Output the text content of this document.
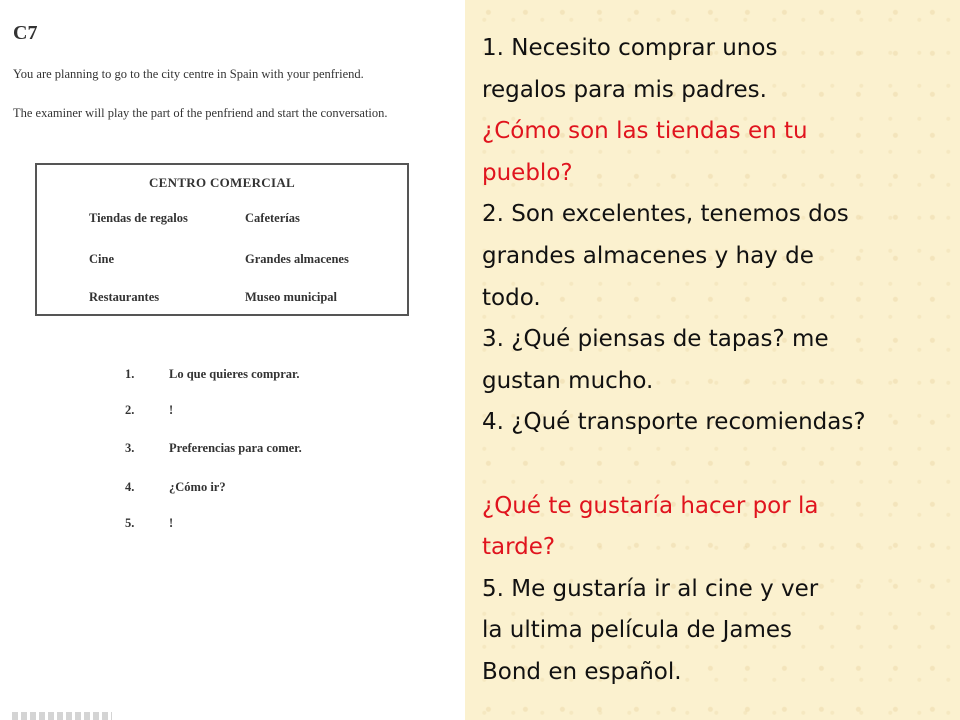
C7
You are planning to go to the city centre in Spain with your penfriend.
The examiner will play the part of the penfriend and start the conversation.
CENTRO COMERCIAL
Tiendas de regalos	Cafeterías
Cine	Grandes almacenes
Restaurantes	Museo municipal
1.	Lo que quieres comprar.
2.	!
3.	Preferencias para comer.
4.	¿Cómo ir?
5.	!
1. Necesito comprar unos
regalos para mis padres.
¿Cómo son las tiendas en tu
pueblo?
2. Son excelentes, tenemos dos
grandes almacenes y hay de
todo.
3. ¿Qué piensas de tapas? me
gustan mucho.
4. ¿Qué transporte recomiendas?
¿Qué te gustaría hacer por la
tarde?
5. Me gustaría ir al cine y ver
la ultima película de James
Bond en español.
